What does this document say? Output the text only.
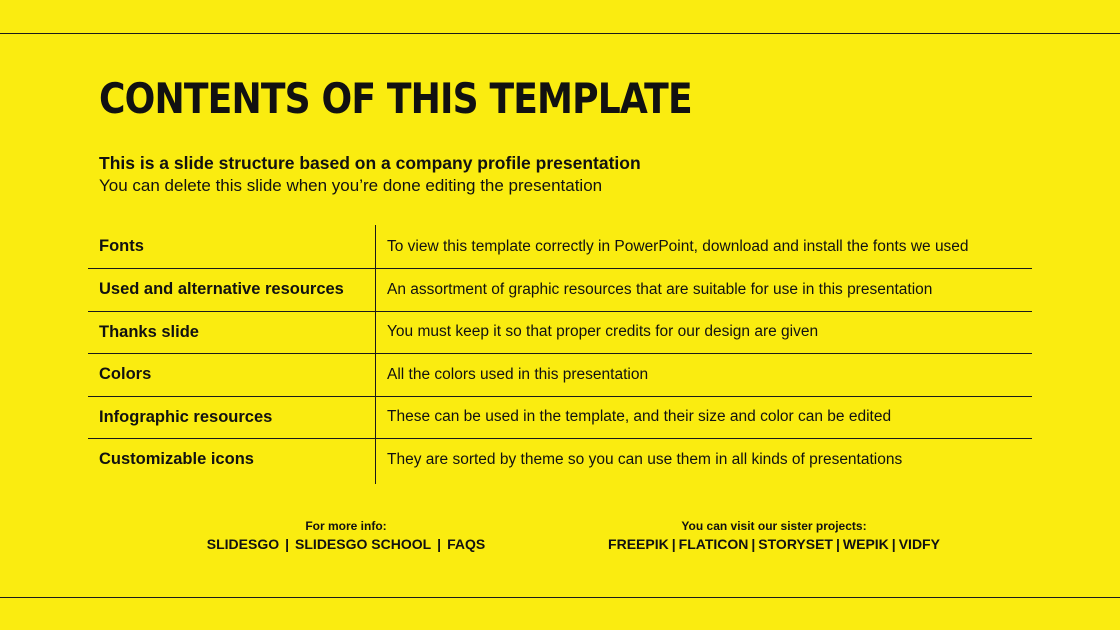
CONTENTS OF THIS TEMPLATE

This is a slide structure based on a company profile presentation

You can delete this slide when you’re done editing the presentation

Fonts	To view this template correctly in PowerPoint, download and install the fonts we used
Used and alternative resources	An assortment of graphic resources that are suitable for use in this presentation
Thanks slide	You must keep it so that proper credits for our design are given
Colors	All the colors used in this presentation
Infographic resources	These can be used in the template, and their size and color can be edited
Customizable icons	They are sorted by theme so you can use them in all kinds of presentations
For more info:
SLIDESGO | SLIDESGO SCHOOL | FAQS
You can visit our sister projects:
FREEPIK | FLATICON | STORYSET | WEPIK | VIDFY
